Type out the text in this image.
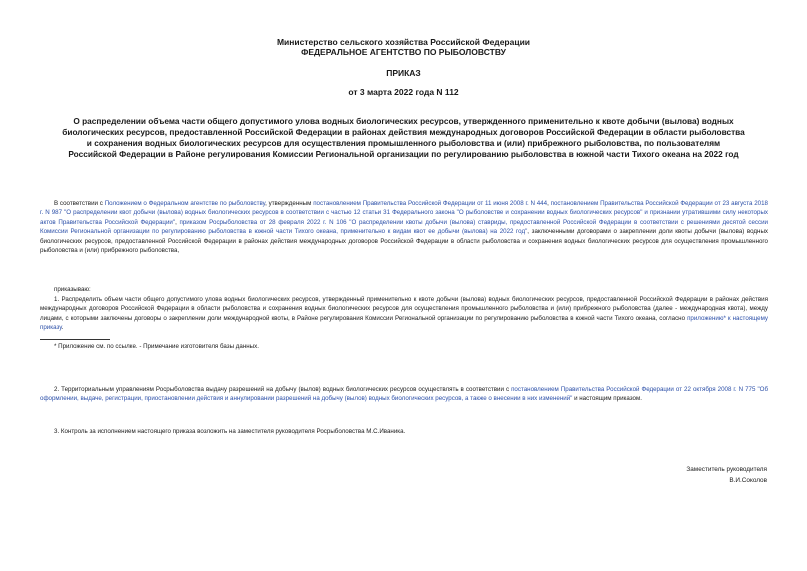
Министерство сельского хозяйства Российской Федерации
ФЕДЕРАЛЬНОЕ АГЕНТСТВО ПО РЫБОЛОВСТВУ
ПРИКАЗ
от 3 марта 2022 года N 112
О распределении объема части общего допустимого улова водных биологических ресурсов, утвержденного применительно к квоте добычи (вылова) водных биологических ресурсов, предоставленной Российской Федерации в районах действия международных договоров Российской Федерации в области рыболовства и сохранения водных биологических ресурсов для осуществления промышленного рыболовства и (или) прибрежного рыболовства, по пользователям Российской Федерации в Районе регулирования Комиссии Региональной организации по регулированию рыболовства в южной части Тихого океана на 2022 год
В соответствии с Положением о Федеральном агентстве по рыболовству, утвержденным постановлением Правительства Российской Федерации от 11 июня 2008 г. N 444, постановлением Правительства Российской Федерации от 23 августа 2018 г. N 987 "О распределении квот добычи (вылова) водных биологических ресурсов в соответствии с частью 12 статьи 31 Федерального закона "О рыболовстве и сохранении водных биологических ресурсов" и признании утратившими силу некоторых актов Правительства Российской Федерации", приказом Росрыболовства от 28 февраля 2022 г. N 106 "О распределении квоты добычи (вылова) ставриды, предоставленной Российской Федерации в соответствии с решениями десятой сессии Комиссии Региональной организации по регулированию рыболовства в южной части Тихого океана, применительно к видам квот ее добычи (вылова) на 2022 год", заключенными договорами о закреплении доли квоты добычи (вылова) водных биологических ресурсов, предоставленной Российской Федерации в районах действия международных договоров Российской Федерации в области рыболовства и сохранения водных биологических ресурсов для осуществления промышленного рыболовства и (или) прибрежного рыболовства,
приказываю:
1. Распределить объем части общего допустимого улова водных биологических ресурсов, утвержденный применительно к квоте добычи (вылова) водных биологических ресурсов, предоставленной Российской Федерации в районах действия международных договоров Российской Федерации в области рыболовства и сохранения водных биологических ресурсов для осуществления промышленного рыболовства и (или) прибрежного рыболовства (далее - международная квота), между лицами, с которыми заключены договоры о закреплении доли международной квоты, в Районе регулирования Комиссии Региональной организации по регулированию рыболовства в южной части Тихого океана, согласно приложению* к настоящему приказу.
* Приложение см. по ссылке. - Примечание изготовителя базы данных.
2. Территориальным управлениям Росрыболовства выдачу разрешений на добычу (вылов) водных биологических ресурсов осуществлять в соответствии с постановлением Правительства Российской Федерации от 22 октября 2008 г. N 775 "Об оформлении, выдаче, регистрации, приостановлении действия и аннулировании разрешений на добычу (вылов) водных биологических ресурсов, а также о внесении в них изменений" и настоящим приказом.
3. Контроль за исполнением настоящего приказа возложить на заместителя руководителя Росрыболовства М.С.Иваника.
Заместитель руководителя
В.И.Соколов
